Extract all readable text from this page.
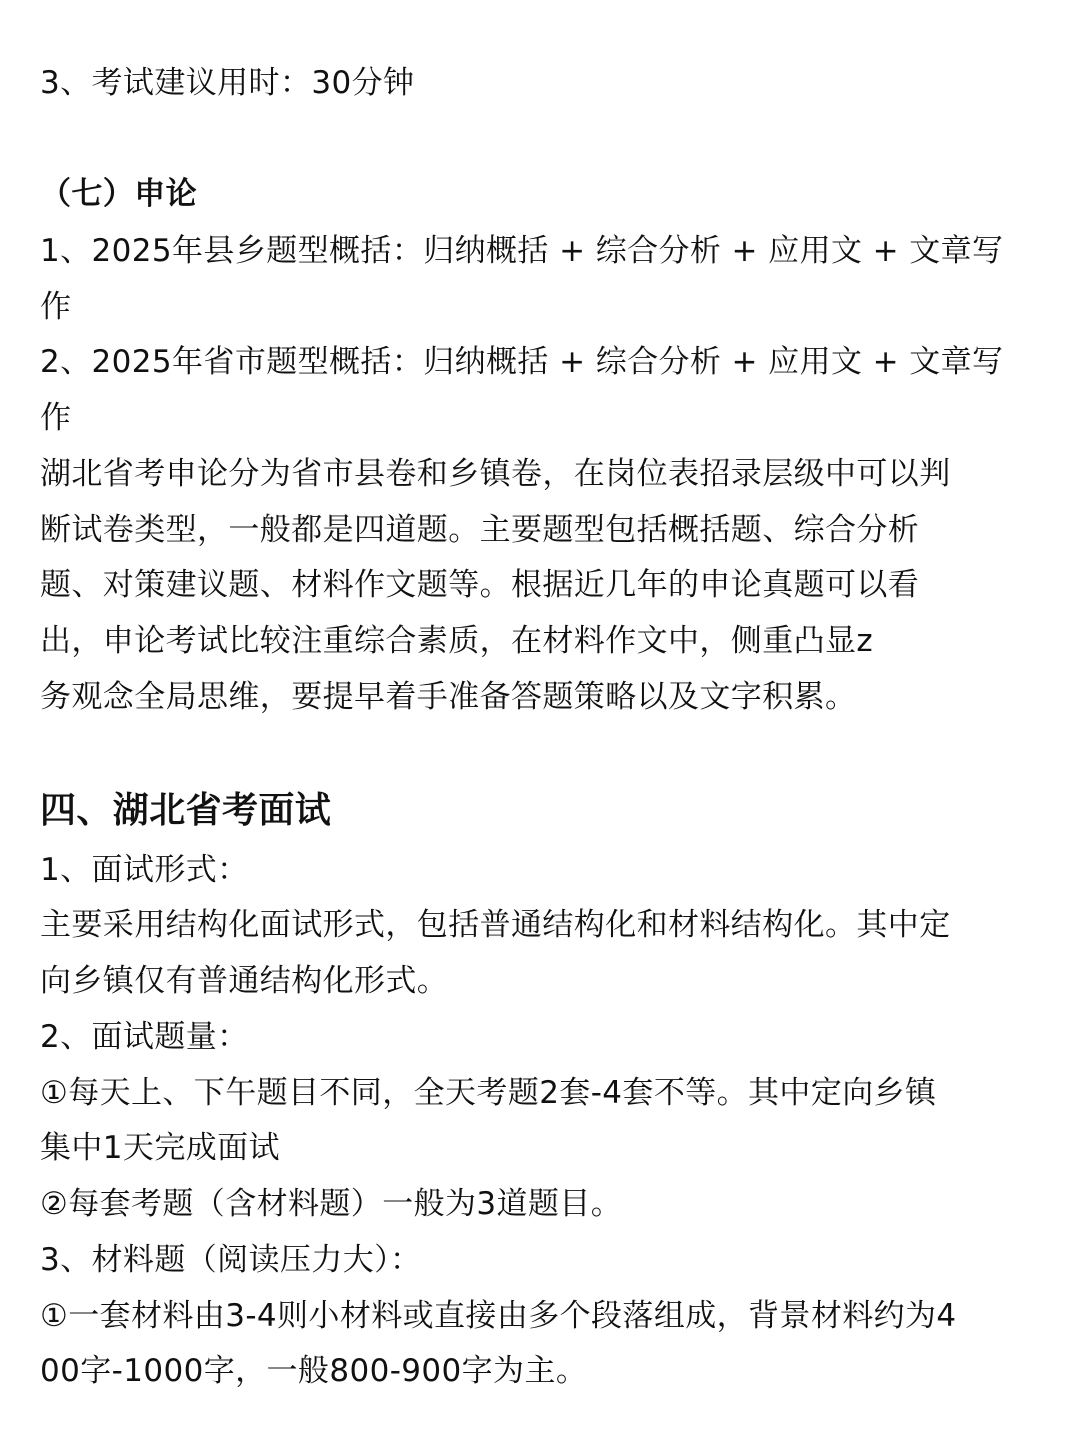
3、考试建议用时：30分钟
（七）申论
1、2025年县乡题型概括：归纳概括 + 综合分析 + 应用文 + 文章写
作
2、2025年省市题型概括：归纳概括 + 综合分析 + 应用文 + 文章写
作
湖北省考申论分为省市县卷和乡镇卷，在岗位表招录层级中可以判
断试卷类型，一般都是四道题。主要题型包括概括题、综合分析
题、对策建议题、材料作文题等。根据近几年的申论真题可以看
出，申论考试比较注重综合素质，在材料作文中，侧重凸显z
务观念全局思维，要提早着手准备答题策略以及文字积累。
四、湖北省考面试
1、面试形式：
主要采用结构化面试形式，包括普通结构化和材料结构化。其中定
向乡镇仅有普通结构化形式。
2、面试题量：
①每天上、下午题目不同，全天考题2套-4套不等。其中定向乡镇
集中1天完成面试
②每套考题（含材料题）一般为3道题目。
3、材料题（阅读压力大）：
①一套材料由3-4则小材料或直接由多个段落组成，背景材料约为4
00字-1000字，一般800-900字为主。
